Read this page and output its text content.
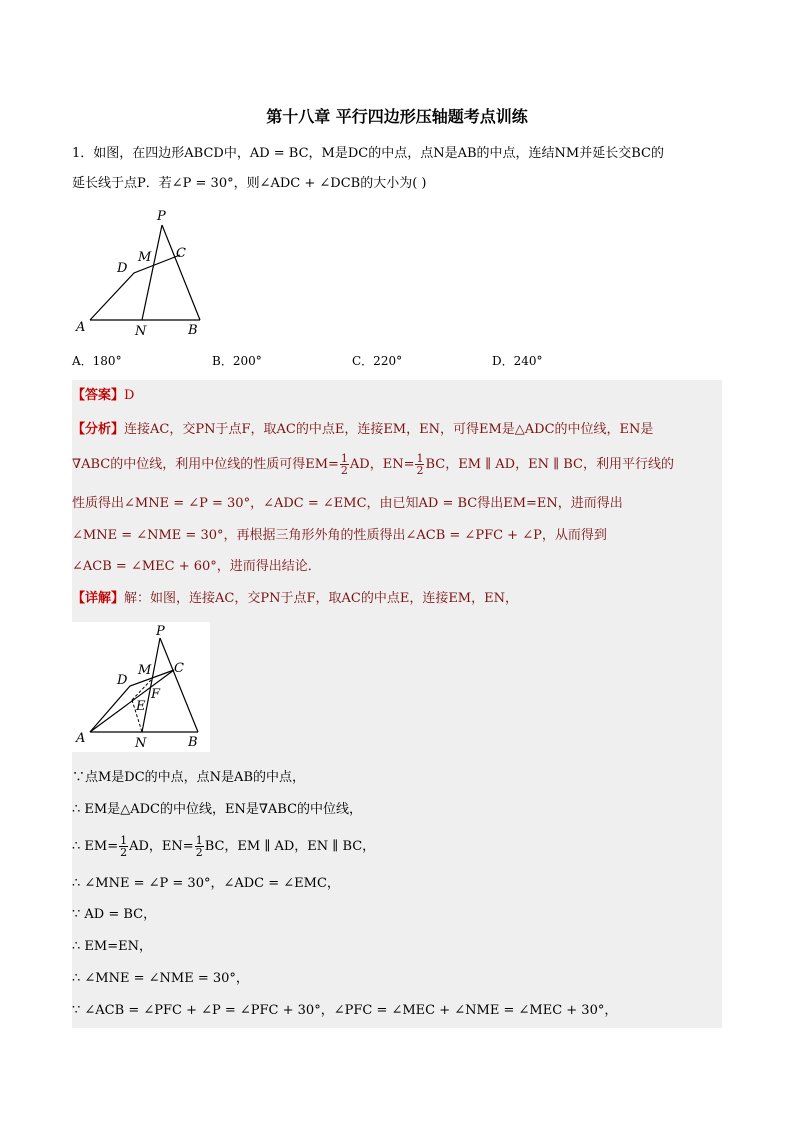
第十八章 平行四边形压轴题考点训练
1．如图，在四边形ABCD中，AD = BC，M是DC的中点，点N是AB的中点，连结NM并延长交BC的
延长线于点P．若∠P = 30°，则∠ADC + ∠DCB的大小为( )
P
M C
D
A	N	B
A．180°	B．200°	C．220°	D．240°
【答案】D
【分析】连接AC，交PN于点F，取AC的中点E，连接EM，EN，可得EM是△ADC的中位线，EN是
∇ABC的中位线，利用中位线的性质可得$EM= \frac{1}{2}$ AD，$EN= \frac{1}{2}$ BC，EM ∥ AD，EN ∥ BC，利用平行线的
性质得出∠MNE = ∠P = 30°，∠ADC = ∠EMC，由已知AD = BC得出EM=EN，进而得出
∠MNE = ∠NME = 30°，再根据三角形外角的性质得出∠ACB = ∠PFC + ∠P，从而得到
∠ACB = ∠MEC + 60°，进而得出结论．
【详解】解：如图，连接AC，交PN于点F，取AC的中点E，连接EM，EN，
P
M C
D
F
E
A	N	B
∵点M是DC的中点，点N是AB的中点，
∴ EM是△ADC的中位线，EN是∇ABC的中位线，
∴ $EM= \frac{1}{2}$ AD，$EN= \frac{1}{2}$ BC，EM ∥ AD，EN ∥ BC，
∴ ∠MNE = ∠P = 30°，∠ADC = ∠EMC，
∵ AD = BC，
∴ EM=EN，
∴ ∠MNE = ∠NME = 30°，
∵ ∠ACB = ∠PFC + ∠P = ∠PFC + 30°，∠PFC = ∠MEC + ∠NME = ∠MEC + 30°，
